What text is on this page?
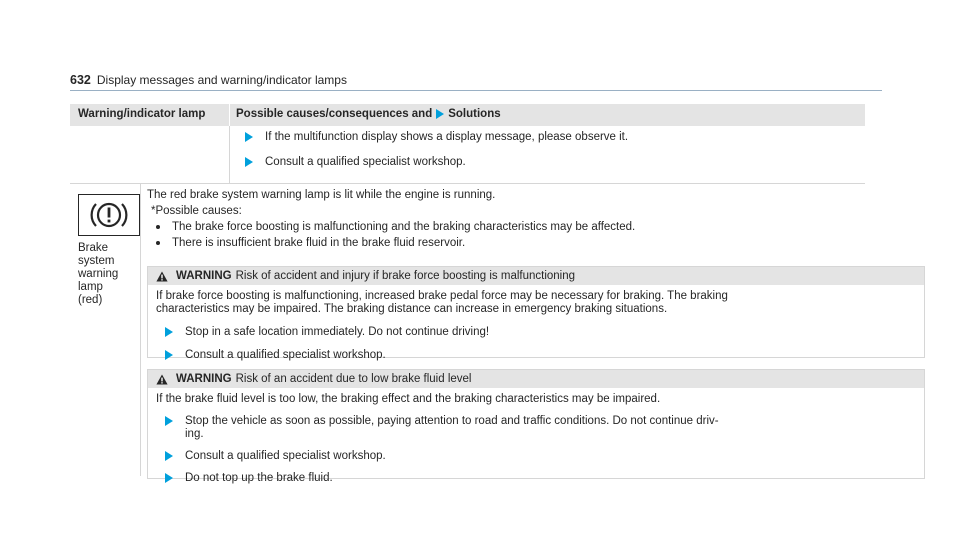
632 Display messages and warning/indicator lamps
Warning/indicator lamp	Possible causes/consequences and Solutions
If the multifunction display shows a display message, please observe it.
Consult a qualified specialist workshop.
Brake system warning lamp
(red)
The red brake system warning lamp is lit while the engine is running.
*Possible causes:
The brake force boosting is malfunctioning and the braking characteristics may be affected.
There is insufficient brake fluid in the brake fluid reservoir.
WARNING Risk of accident and injury if brake force boosting is malfunctioning
If brake force boosting is malfunctioning, increased brake pedal force may be necessary for braking. The braking
characteristics may be impaired. The braking distance can increase in emergency braking situations.
Stop in a safe location immediately. Do not continue driving!
Consult a qualified specialist workshop.
WARNING Risk of an accident due to low brake fluid level
If the brake fluid level is too low, the braking effect and the braking characteristics may be impaired.
Stop the vehicle as soon as possible, paying attention to road and traffic conditions. Do not continue driv-
ing.
Consult a qualified specialist workshop.
Do not top up the brake fluid.
